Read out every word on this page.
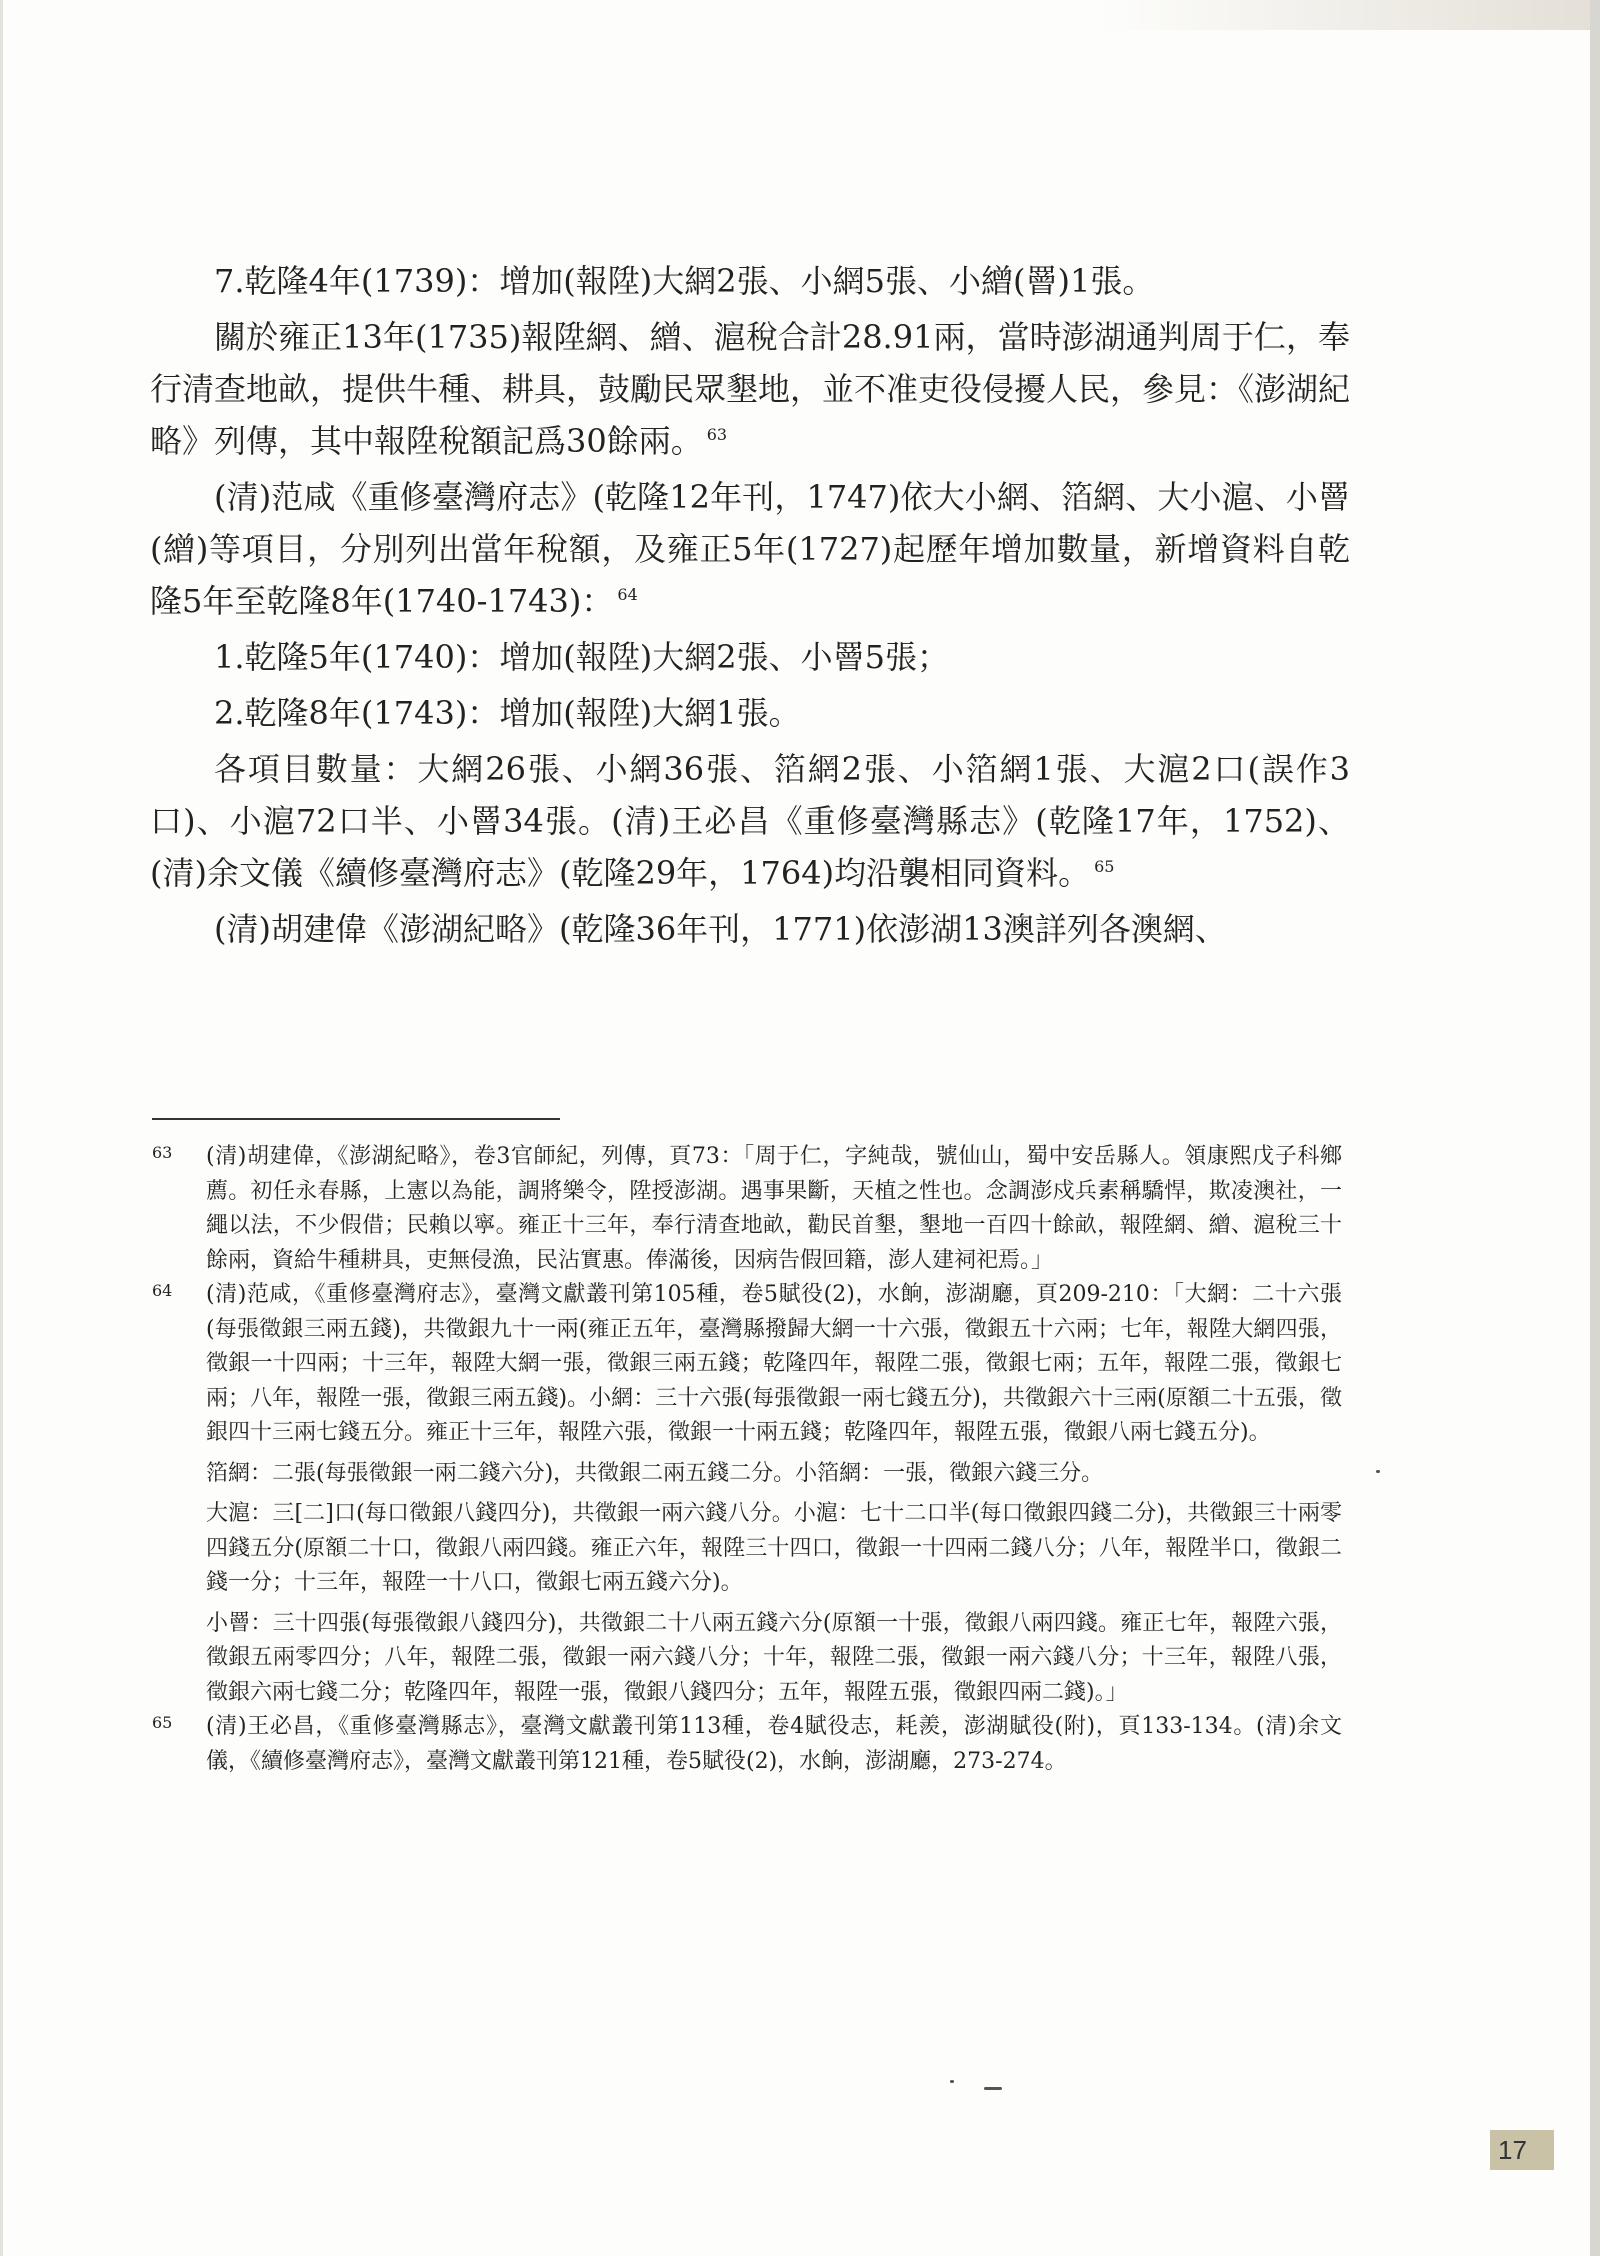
7.乾隆4年(1739)：增加(報陞)大網2張、小網5張、小繒(罾)1張。

關於雍正13年(1735)報陞網、繒、滬稅合計28.91兩，當時澎湖通判周于仁，奉行清查地畝，提供牛種、耕具，鼓勵民眾墾地，並不准吏役侵擾人民，參見：《澎湖紀略》列傳，其中報陞稅額記爲30餘兩。 $^{63}$

(清)范咸《重修臺灣府志》(乾隆12年刊，1747)依大小網、箔網、大小滬、小罾(繒)等項目，分別列出當年稅額，及雍正5年(1727)起歷年增加數量，新增資料自乾隆5年至乾隆8年(1740-1743)： $^{64}$

1.乾隆5年(1740)：增加(報陞)大網2張、小罾5張；

2.乾隆8年(1743)：增加(報陞)大網1張。

各項目數量：大網26張、小網36張、箔網2張、小箔網1張、大滬2口(誤作3口)、小滬72口半、小罾34張。(清)王必昌《重修臺灣縣志》(乾隆17年，1752)、(清)余文儀《續修臺灣府志》(乾隆29年，1764)均沿襲相同資料。 $^{65}$

(清)胡建偉《澎湖紀略》(乾隆36年刊，1771)依澎湖13澳詳列各澳網、

63 (清)胡建偉，《澎湖紀略》，卷3官師紀，列傳，頁73：「周于仁，字純哉，號仙山，蜀中安岳縣人。領康熙戊子科鄉薦。初任永春縣，上憲以為能，調將樂令，陞授澎湖。遇事果斷，天植之性也。念調澎戍兵素稱驕悍，欺凌澳社，一繩以法，不少假借；民賴以寧。雍正十三年，奉行清查地畝，勸民首墾，墾地一百四十餘畝，報陞網、繒、滬稅三十餘兩，資給牛種耕具，吏無侵漁，民沾實惠。俸滿後，因病告假回籍，澎人建祠祀焉。」

64 (清)范咸，《重修臺灣府志》，臺灣文獻叢刊第105種，卷5賦役(2)，水餉，澎湖廳，頁209-210：「大網：二十六張(每張徵銀三兩五錢)，共徵銀九十一兩(雍正五年，臺灣縣撥歸大網一十六張，徵銀五十六兩；七年，報陞大網四張，徵銀一十四兩；十三年，報陞大網一張，徵銀三兩五錢；乾隆四年，報陞二張，徵銀七兩；五年，報陞二張，徵銀七兩；八年，報陞一張，徵銀三兩五錢)。小網：三十六張(每張徵銀一兩七錢五分)，共徵銀六十三兩(原額二十五張，徵銀四十三兩七錢五分。雍正十三年，報陞六張，徵銀一十兩五錢；乾隆四年，報陞五張，徵銀八兩七錢五分)。

箔網：二張(每張徵銀一兩二錢六分)，共徵銀二兩五錢二分。小箔網：一張，徵銀六錢三分。

大滬：三[二]口(每口徵銀八錢四分)，共徵銀一兩六錢八分。小滬：七十二口半(每口徵銀四錢二分)，共徵銀三十兩零四錢五分(原額二十口，徵銀八兩四錢。雍正六年，報陞三十四口，徵銀一十四兩二錢八分；八年，報陞半口，徵銀二錢一分；十三年，報陞一十八口，徵銀七兩五錢六分)。

小罾：三十四張(每張徵銀八錢四分)，共徵銀二十八兩五錢六分(原額一十張，徵銀八兩四錢。雍正七年，報陞六張，徵銀五兩零四分；八年，報陞二張，徵銀一兩六錢八分；十年，報陞二張，徵銀一兩六錢八分；十三年，報陞八張，徵銀六兩七錢二分；乾隆四年，報陞一張，徵銀八錢四分；五年，報陞五張，徵銀四兩二錢)。」

65 (清)王必昌，《重修臺灣縣志》，臺灣文獻叢刊第113種，卷4賦役志，耗羨，澎湖賦役(附)，頁133-134。(清)余文儀，《續修臺灣府志》，臺灣文獻叢刊第121種，卷5賦役(2)，水餉，澎湖廳，273-274。

17
